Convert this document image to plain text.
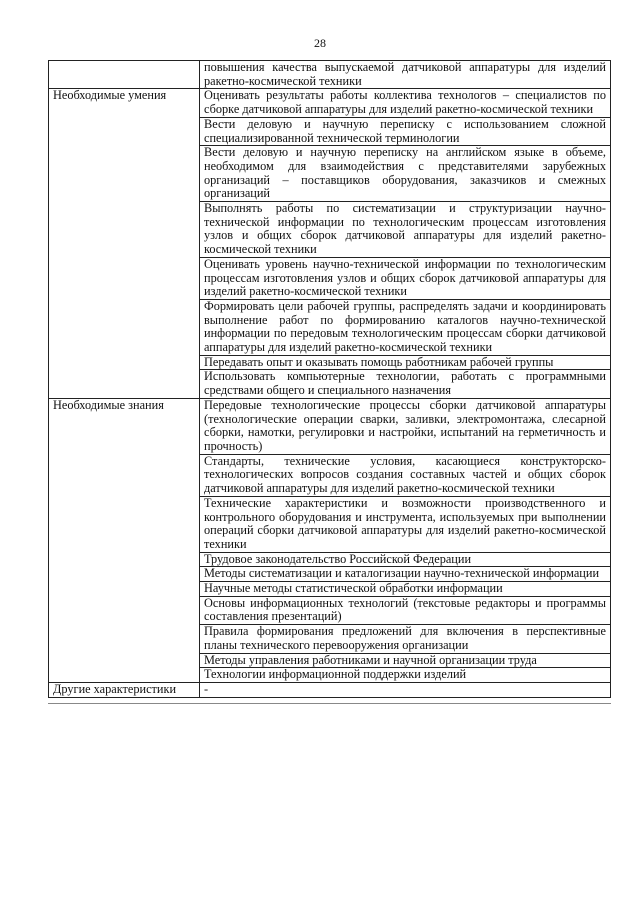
28
	повышения качества выпускаемой датчиковой аппаратуры для изделий ракетно-космической техники
Необходимые умения	Оценивать результаты работы коллектива технологов – специалистов по сборке датчиковой аппаратуры для изделий ракетно-космической техники
	Вести деловую и научную переписку с использованием сложной специализированной технической терминологии
	Вести деловую и научную переписку на английском языке в объеме, необходимом для взаимодействия с представителями зарубежных организаций – поставщиков оборудования, заказчиков и смежных организаций
	Выполнять работы по систематизации и структуризации научно-технической информации по технологическим процессам изготовления узлов и общих сборок датчиковой аппаратуры для изделий ракетно-космической техники
	Оценивать уровень научно-технической информации по технологическим процессам изготовления узлов и общих сборок датчиковой аппаратуры для изделий ракетно-космической техники
	Формировать цели рабочей группы, распределять задачи и координировать выполнение работ по формированию каталогов научно-технической информации по передовым технологическим процессам сборки датчиковой аппаратуры для изделий ракетно-космической техники
	Передавать опыт и оказывать помощь работникам рабочей группы
	Использовать компьютерные технологии, работать с программными средствами общего и специального назначения
Необходимые знания	Передовые технологические процессы сборки датчиковой аппаратуры (технологические операции сварки, заливки, электромонтажа, слесарной сборки, намотки, регулировки и настройки, испытаний на герметичность и прочность)
	Стандарты, технические условия, касающиеся конструкторско-технологических вопросов создания составных частей и общих сборок датчиковой аппаратуры для изделий ракетно-космической техники
	Технические характеристики и возможности производственного и контрольного оборудования и инструмента, используемых при выполнении операций сборки датчиковой аппаратуры для изделий ракетно-космической техники
	Трудовое законодательство Российской Федерации
	Методы систематизации и каталогизации научно-технической информации
	Научные методы статистической обработки информации
	Основы информационных технологий (текстовые редакторы и программы составления презентаций)
	Правила формирования предложений для включения в перспективные планы технического перевооружения организации
	Методы управления работниками и научной организации труда
	Технологии информационной поддержки изделий
Другие характеристики	-
